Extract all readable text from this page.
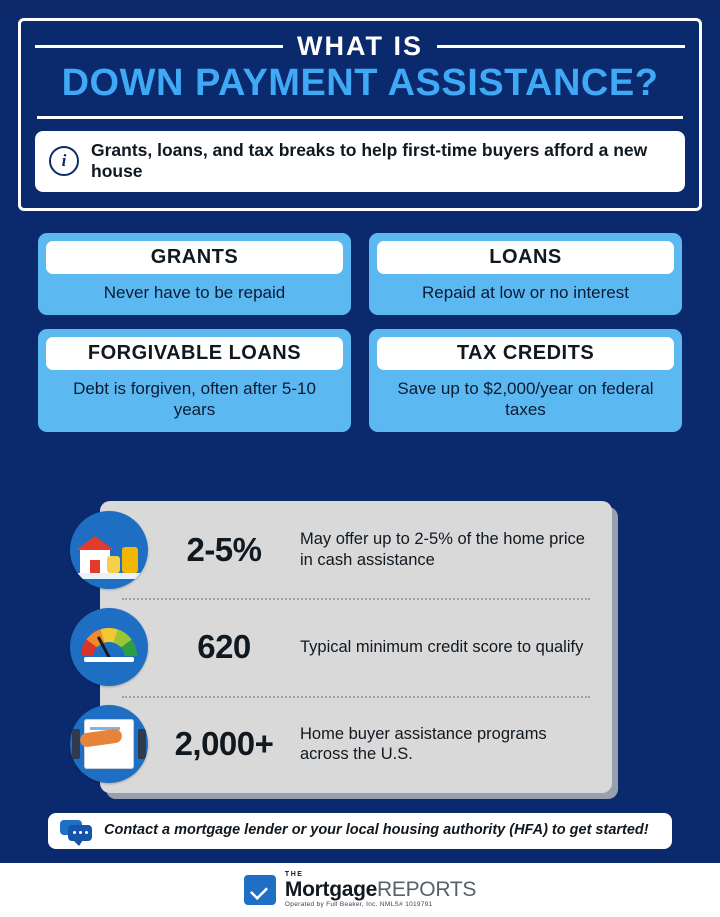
WHAT IS
DOWN PAYMENT ASSISTANCE?
i
Grants, loans, and tax breaks to help first-time buyers afford a new house
GRANTS
Never have to be repaid
LOANS
Repaid at low or no interest
FORGIVABLE LOANS
Debt is forgiven, often after 5-10 years
TAX CREDITS
Save up to $2,000/year on federal taxes
2-5%	May offer up to 2-5% of the home price in cash assistance
620	Typical minimum credit score to qualify
2,000+	Home buyer assistance programs across the U.S.
Contact a mortgage lender or your local housing authority (HFA) to get started!
THE
MortgageREPORTS
Operated by Full Beaker, Inc. NMLS# 1019791
